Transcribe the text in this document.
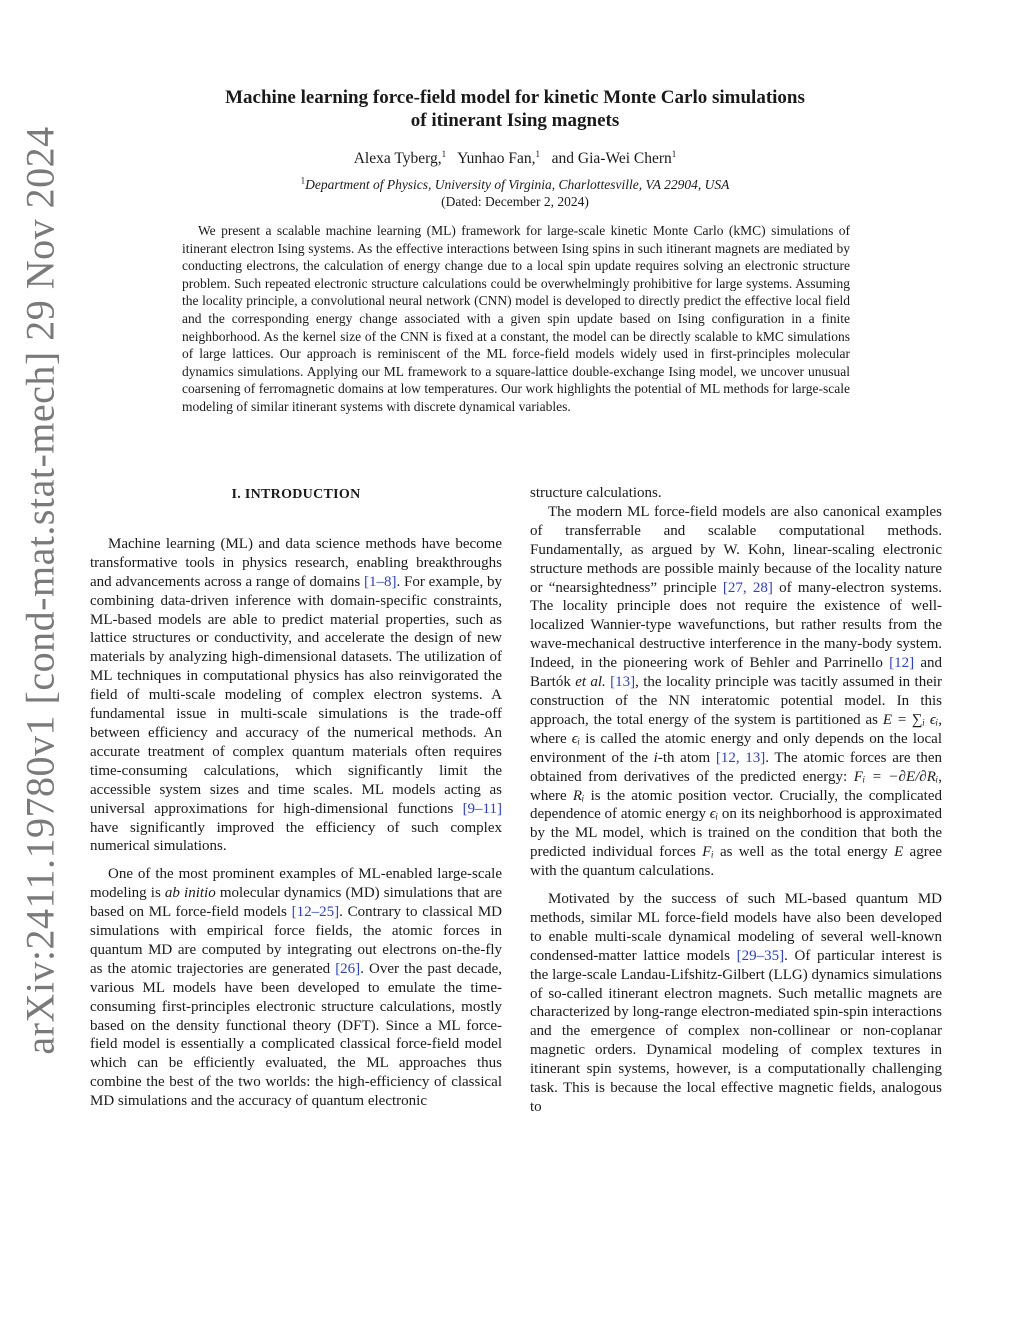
arXiv:2411.19780v1 [cond-mat.stat-mech] 29 Nov 2024
Machine learning force-field model for kinetic Monte Carlo simulations
of itinerant Ising magnets
Alexa Tyberg,$^1$ Yunhao Fan,$^1$ and Gia-Wei Chern$^1$
$^1$Department of Physics, University of Virginia, Charlottesville, VA 22904, USA
(Dated: December 2, 2024)

We present a scalable machine learning (ML) framework for large-scale kinetic Monte Carlo (kMC) simulations of itinerant electron Ising systems. As the effective interactions between Ising spins in such itinerant magnets are mediated by conducting electrons, the calculation of energy change due to a local spin update requires solving an electronic structure problem. Such repeated electronic structure calculations could be overwhelmingly prohibitive for large systems. Assuming the locality principle, a convolutional neural network (CNN) model is developed to directly predict the effective local field and the corresponding energy change associated with a given spin update based on Ising configuration in a finite neighborhood. As the kernel size of the CNN is fixed at a constant, the model can be directly scalable to kMC simulations of large lattices. Our approach is reminiscent of the ML force-field models widely used in first-principles molecular dynamics simulations. Applying our ML framework to a square-lattice double-exchange Ising model, we uncover unusual coarsening of ferromagnetic domains at low temperatures. Our work highlights the potential of ML methods for large-scale modeling of similar itinerant systems with discrete dynamical variables.

I. INTRODUCTION

Machine learning (ML) and data science methods have become transformative tools in physics research, enabling breakthroughs and advancements across a range of domains [1–8]. For example, by combining data-driven inference with domain-specific constraints, ML-based models are able to predict material properties, such as lattice structures or conductivity, and accelerate the design of new materials by analyzing high-dimensional datasets. The utilization of ML techniques in computational physics has also reinvigorated the field of multi-scale modeling of complex electron systems. A fundamental issue in multi-scale simulations is the trade-off between efficiency and accuracy of the numerical methods. An accurate treatment of complex quantum materials often requires time-consuming calculations, which significantly limit the accessible system sizes and time scales. ML models acting as universal approximations for high-dimensional functions [9–11] have significantly improved the efficiency of such complex numerical simulations.

One of the most prominent examples of ML-enabled large-scale modeling is ab initio molecular dynamics (MD) simulations that are based on ML force-field models [12–25]. Contrary to classical MD simulations with empirical force fields, the atomic forces in quantum MD are computed by integrating out electrons on-the-fly as the atomic trajectories are generated [26]. Over the past decade, various ML models have been developed to emulate the time-consuming first-principles electronic structure calculations, mostly based on the density functional theory (DFT). Since a ML force-field model is essentially a complicated classical force-field model which can be efficiently evaluated, the ML approaches thus combine the best of the two worlds: the high-efficiency of classical MD simulations and the accuracy of quantum electronic

structure calculations.

The modern ML force-field models are also canonical examples of transferrable and scalable computational methods. Fundamentally, as argued by W. Kohn, linear-scaling electronic structure methods are possible mainly because of the locality nature or “nearsightedness” principle [27, 28] of many-electron systems. The locality principle does not require the existence of well-localized Wannier-type wavefunctions, but rather results from the wave-mechanical destructive interference in the many-body system. Indeed, in the pioneering work of Behler and Parrinello [12] and Bartók et al. [13], the locality principle was tacitly assumed in their construction of the NN interatomic potential model. In this approach, the total energy of the system is partitioned as E = ∑ᵢ ϵᵢ, where ϵᵢ is called the atomic energy and only depends on the local environment of the i-th atom [12, 13]. The atomic forces are then obtained from derivatives of the predicted energy: Fᵢ = −∂E/∂Rᵢ, where Rᵢ is the atomic position vector. Crucially, the complicated dependence of atomic energy ϵᵢ on its neighborhood is approximated by the ML model, which is trained on the condition that both the predicted individual forces Fᵢ as well as the total energy E agree with the quantum calculations.

Motivated by the success of such ML-based quantum MD methods, similar ML force-field models have also been developed to enable multi-scale dynamical modeling of several well-known condensed-matter lattice models [29–35]. Of particular interest is the large-scale Landau-Lifshitz-Gilbert (LLG) dynamics simulations of so-called itinerant electron magnets. Such metallic magnets are characterized by long-range electron-mediated spin-spin interactions and the emergence of complex non-collinear or non-coplanar magnetic orders. Dynamical modeling of complex textures in itinerant spin systems, however, is a computationally challenging task. This is because the local effective magnetic fields, analogous to
